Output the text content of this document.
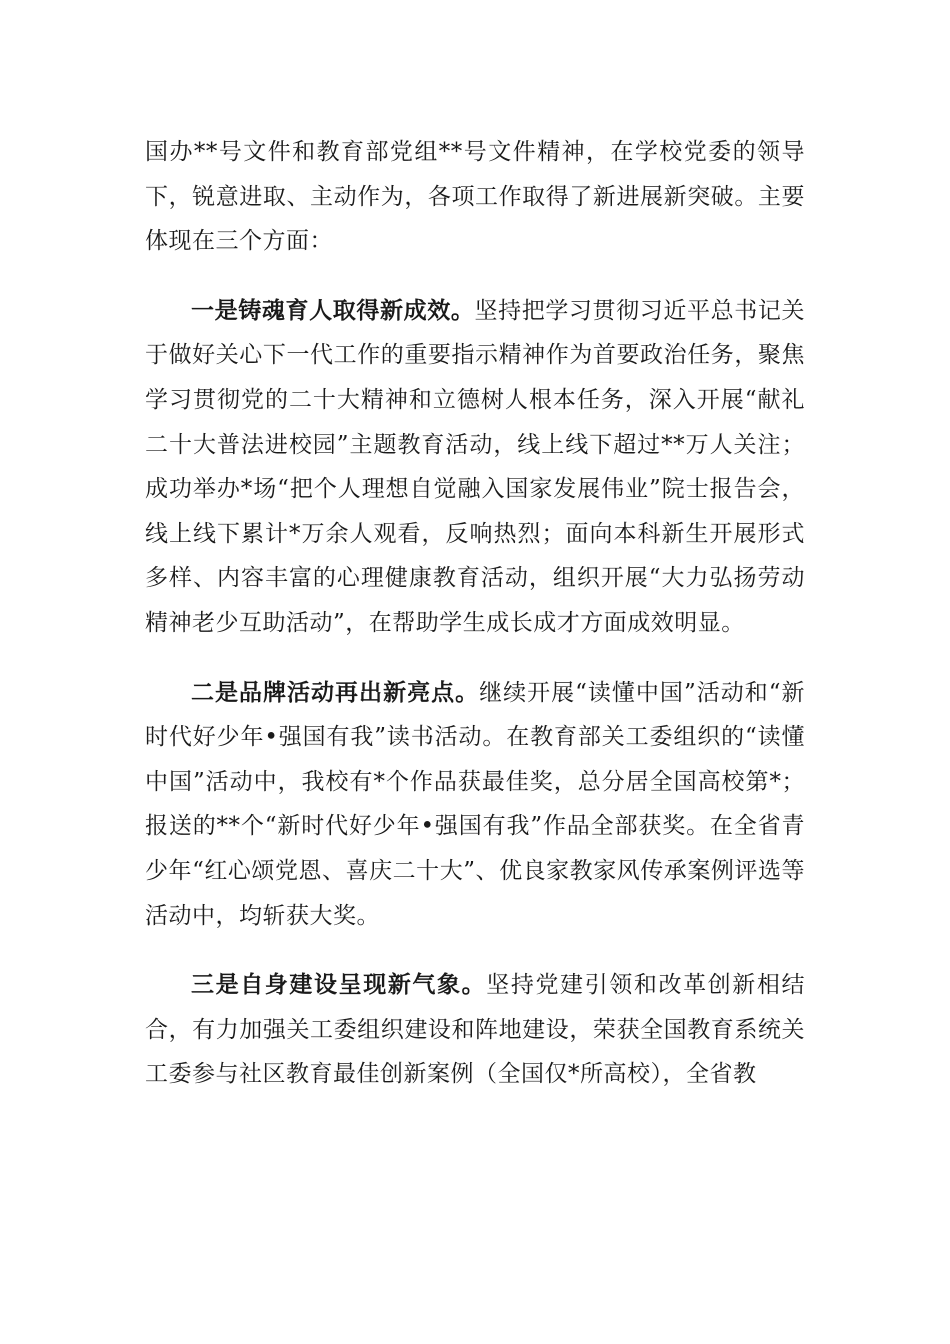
国办**号文件和教育部党组**号文件精神，在学校党委的领导下，锐意进取、主动作为，各项工作取得了新进展新突破。主要体现在三个方面：

一是铸魂育人取得新成效。坚持把学习贯彻习近平总书记关于做好关心下一代工作的重要指示精神作为首要政治任务，聚焦学习贯彻党的二十大精神和立德树人根本任务，深入开展“献礼二十大普法进校园”主题教育活动，线上线下超过**万人关注；成功举办*场“把个人理想自觉融入国家发展伟业”院士报告会，线上线下累计*万余人观看，反响热烈；面向本科新生开展形式多样、内容丰富的心理健康教育活动，组织开展“大力弘扬劳动精神老少互助活动”，在帮助学生成长成才方面成效明显。

二是品牌活动再出新亮点。继续开展“读懂中国”活动和“新时代好少年•强国有我”读书活动。在教育部关工委组织的“读懂中国”活动中，我校有*个作品获最佳奖，总分居全国高校第*；报送的**个“新时代好少年•强国有我”作品全部获奖。在全省青少年“红心颂党恩、喜庆二十大”、优良家教家风传承案例评选等活动中，均斩获大奖。

三是自身建设呈现新气象。坚持党建引领和改革创新相结合，有力加强关工委组织建设和阵地建设，荣获全国教育系统关工委参与社区教育最佳创新案例（全国仅*所高校），全省教
